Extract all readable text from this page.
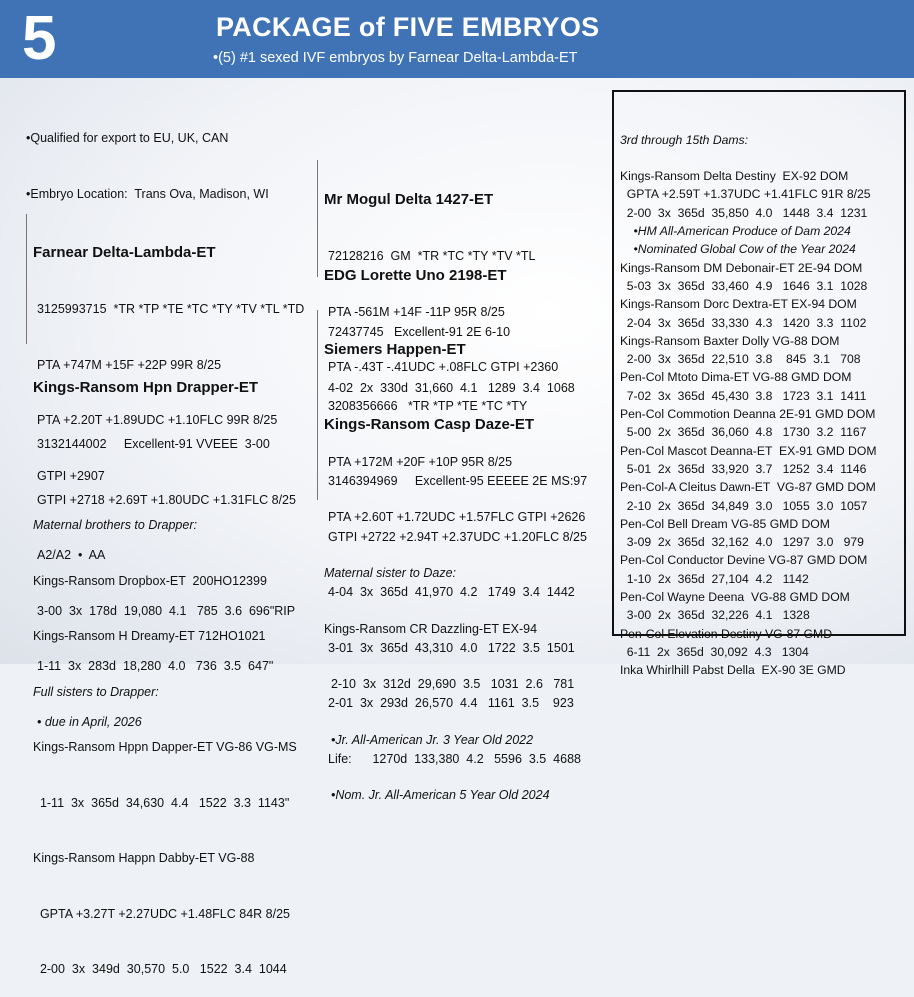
5	PACKAGE of FIVE EMBRYOS
•(5) #1 sexed IVF embryos by Farnear Delta-Lambda-ET

•Qualified for export to EU, UK, CAN

•Embryo Location:  Trans Ova, Madison, WI

Farnear Delta-Lambda-ET

3125993715  *TR *TP *TE *TC *TY *TV *TL *TD

PTA +747M +15F +22P 99R 8/25

PTA +2.20T +1.89UDC +1.10FLC 99R 8/25

GTPI +2907

Mr Mogul Delta 1427-ET

72128216  GM  *TR *TC *TY *TV *TL

PTA -561M +14F -11P 95R 8/25

PTA -.43T -.41UDC +.08FLC GTPI +2360

EDG Lorette Uno 2198-ET

72437745   Excellent-91 2E 6-10

4-02  2x  330d  31,660  4.1   1289  3.4  1068

Kings-Ransom Hpn Drapper-ET

3132144002     Excellent-91 VVEEE  3-00

GTPI +2718 +2.69T +1.80UDC +1.31FLC 8/25

A2/A2  •  AA

3-00  3x  178d  19,080  4.1   785  3.6  696"RIP

1-11  3x  283d  18,280  4.0   736  3.5  647"

• due in April, 2026

Siemers Happen-ET

3208356666   *TR *TP *TE *TC *TY

PTA +172M +20F +10P 95R 8/25

PTA +2.60T +1.72UDC +1.57FLC GTPI +2626

Kings-Ransom Casp Daze-ET

3146394969     Excellent-95 EEEEE 2E MS:97

GTPI +2722 +2.94T +2.37UDC +1.20FLC 8/25

4-04  3x  365d  41,970  4.2   1749  3.4  1442

3-01  3x  365d  43,310  4.0   1722  3.5  1501

2-01  3x  293d  26,570  4.4   1161  3.5    923

Life:      1270d  133,380  4.2   5596  3.5  4688

Maternal brothers to Drapper:

Kings-Ransom Dropbox-ET  200HO12399

Kings-Ransom H Dreamy-ET 712HO1021

Full sisters to Drapper:

Kings-Ransom Hppn Dapper-ET VG-86 VG-MS

1-11  3x  365d  34,630  4.4   1522  3.3  1143"

Kings-Ransom Happn Dabby-ET VG-88

GPTA +3.27T +2.27UDC +1.48FLC 84R 8/25

2-00  3x  349d  30,570  5.0   1522  3.4  1044

Maternal sister to Daze:

Kings-Ransom CR Dazzling-ET EX-94

2-10  3x  312d  29,690  3.5   1031  2.6   781

•Jr. All-American Jr. 3 Year Old 2022

•Nom. Jr. All-American 5 Year Old 2024

3rd through 15th Dams:

Kings-Ransom Delta Destiny  EX-92 DOM
GPTA +2.59T +1.37UDC +1.41FLC 91R 8/25
2-00  3x  365d  35,850  4.0   1448  3.4  1231
•HM All-American Produce of Dam 2024
•Nominated Global Cow of the Year 2024
Kings-Ransom DM Debonair-ET 2E-94 DOM
5-03  3x  365d  33,460  4.9   1646  3.1  1028
Kings-Ransom Dorc Dextra-ET EX-94 DOM
2-04  3x  365d  33,330  4.3   1420  3.3  1102
Kings-Ransom Baxter Dolly VG-88 DOM
2-00  3x  365d  22,510  3.8    845  3.1   708
Pen-Col Mtoto Dima-ET VG-88 GMD DOM
7-02  3x  365d  45,430  3.8   1723  3.1  1411
Pen-Col Commotion Deanna 2E-91 GMD DOM
5-00  2x  365d  36,060  4.8   1730  3.2  1167
Pen-Col Mascot Deanna-ET  EX-91 GMD DOM
5-01  2x  365d  33,920  3.7   1252  3.4  1146
Pen-Col-A Cleitus Dawn-ET  VG-87 GMD DOM
2-10  2x  365d  34,849  3.0   1055  3.0  1057
Pen-Col Bell Dream VG-85 GMD DOM
3-09  2x  365d  32,162  4.0   1297  3.0   979
Pen-Col Conductor Devine VG-87 GMD DOM
1-10  2x  365d  27,104  4.2   1142
Pen-Col Wayne Deena  VG-88 GMD DOM
3-00  2x  365d  32,226  4.1   1328
Pen-Col Elevation Destiny VG-87 GMD
6-11  2x  365d  30,092  4.3   1304
Inka Whirlhill Pabst Della  EX-90 3E GMD
